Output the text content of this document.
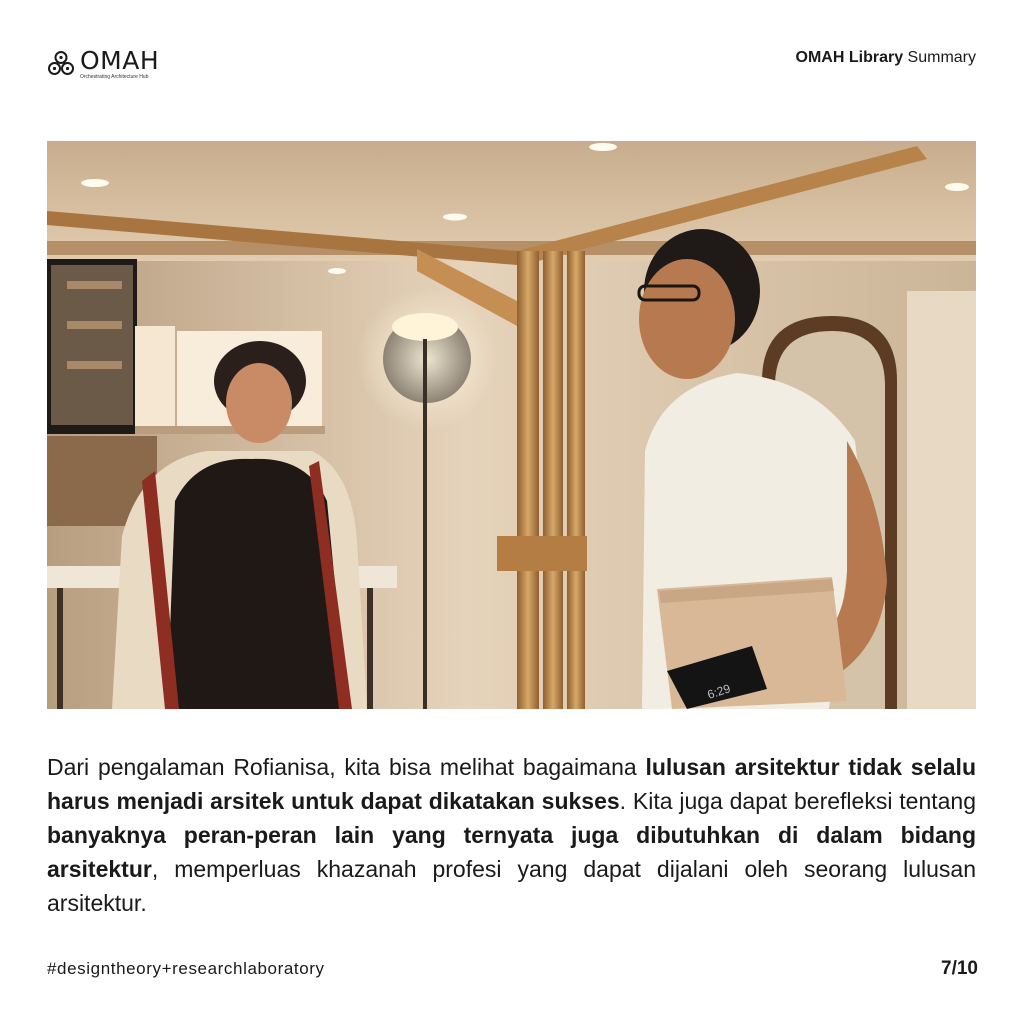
OMAH
Orchestrating Architecture Hub
OMAH Library Summary
6:29

Dari pengalaman Rofianisa, kita bisa melihat bagaimana lulusan arsitektur tidak selalu harus menjadi arsitek untuk dapat dikatakan sukses. Kita juga dapat berefleksi tentang banyaknya peran-peran lain yang ternyata juga dibutuhkan di dalam bidang arsitektur, memperluas khazanah profesi yang dapat dijalani oleh seorang lulusan arsitektur.

#designtheory+researchlaboratory	7/10
